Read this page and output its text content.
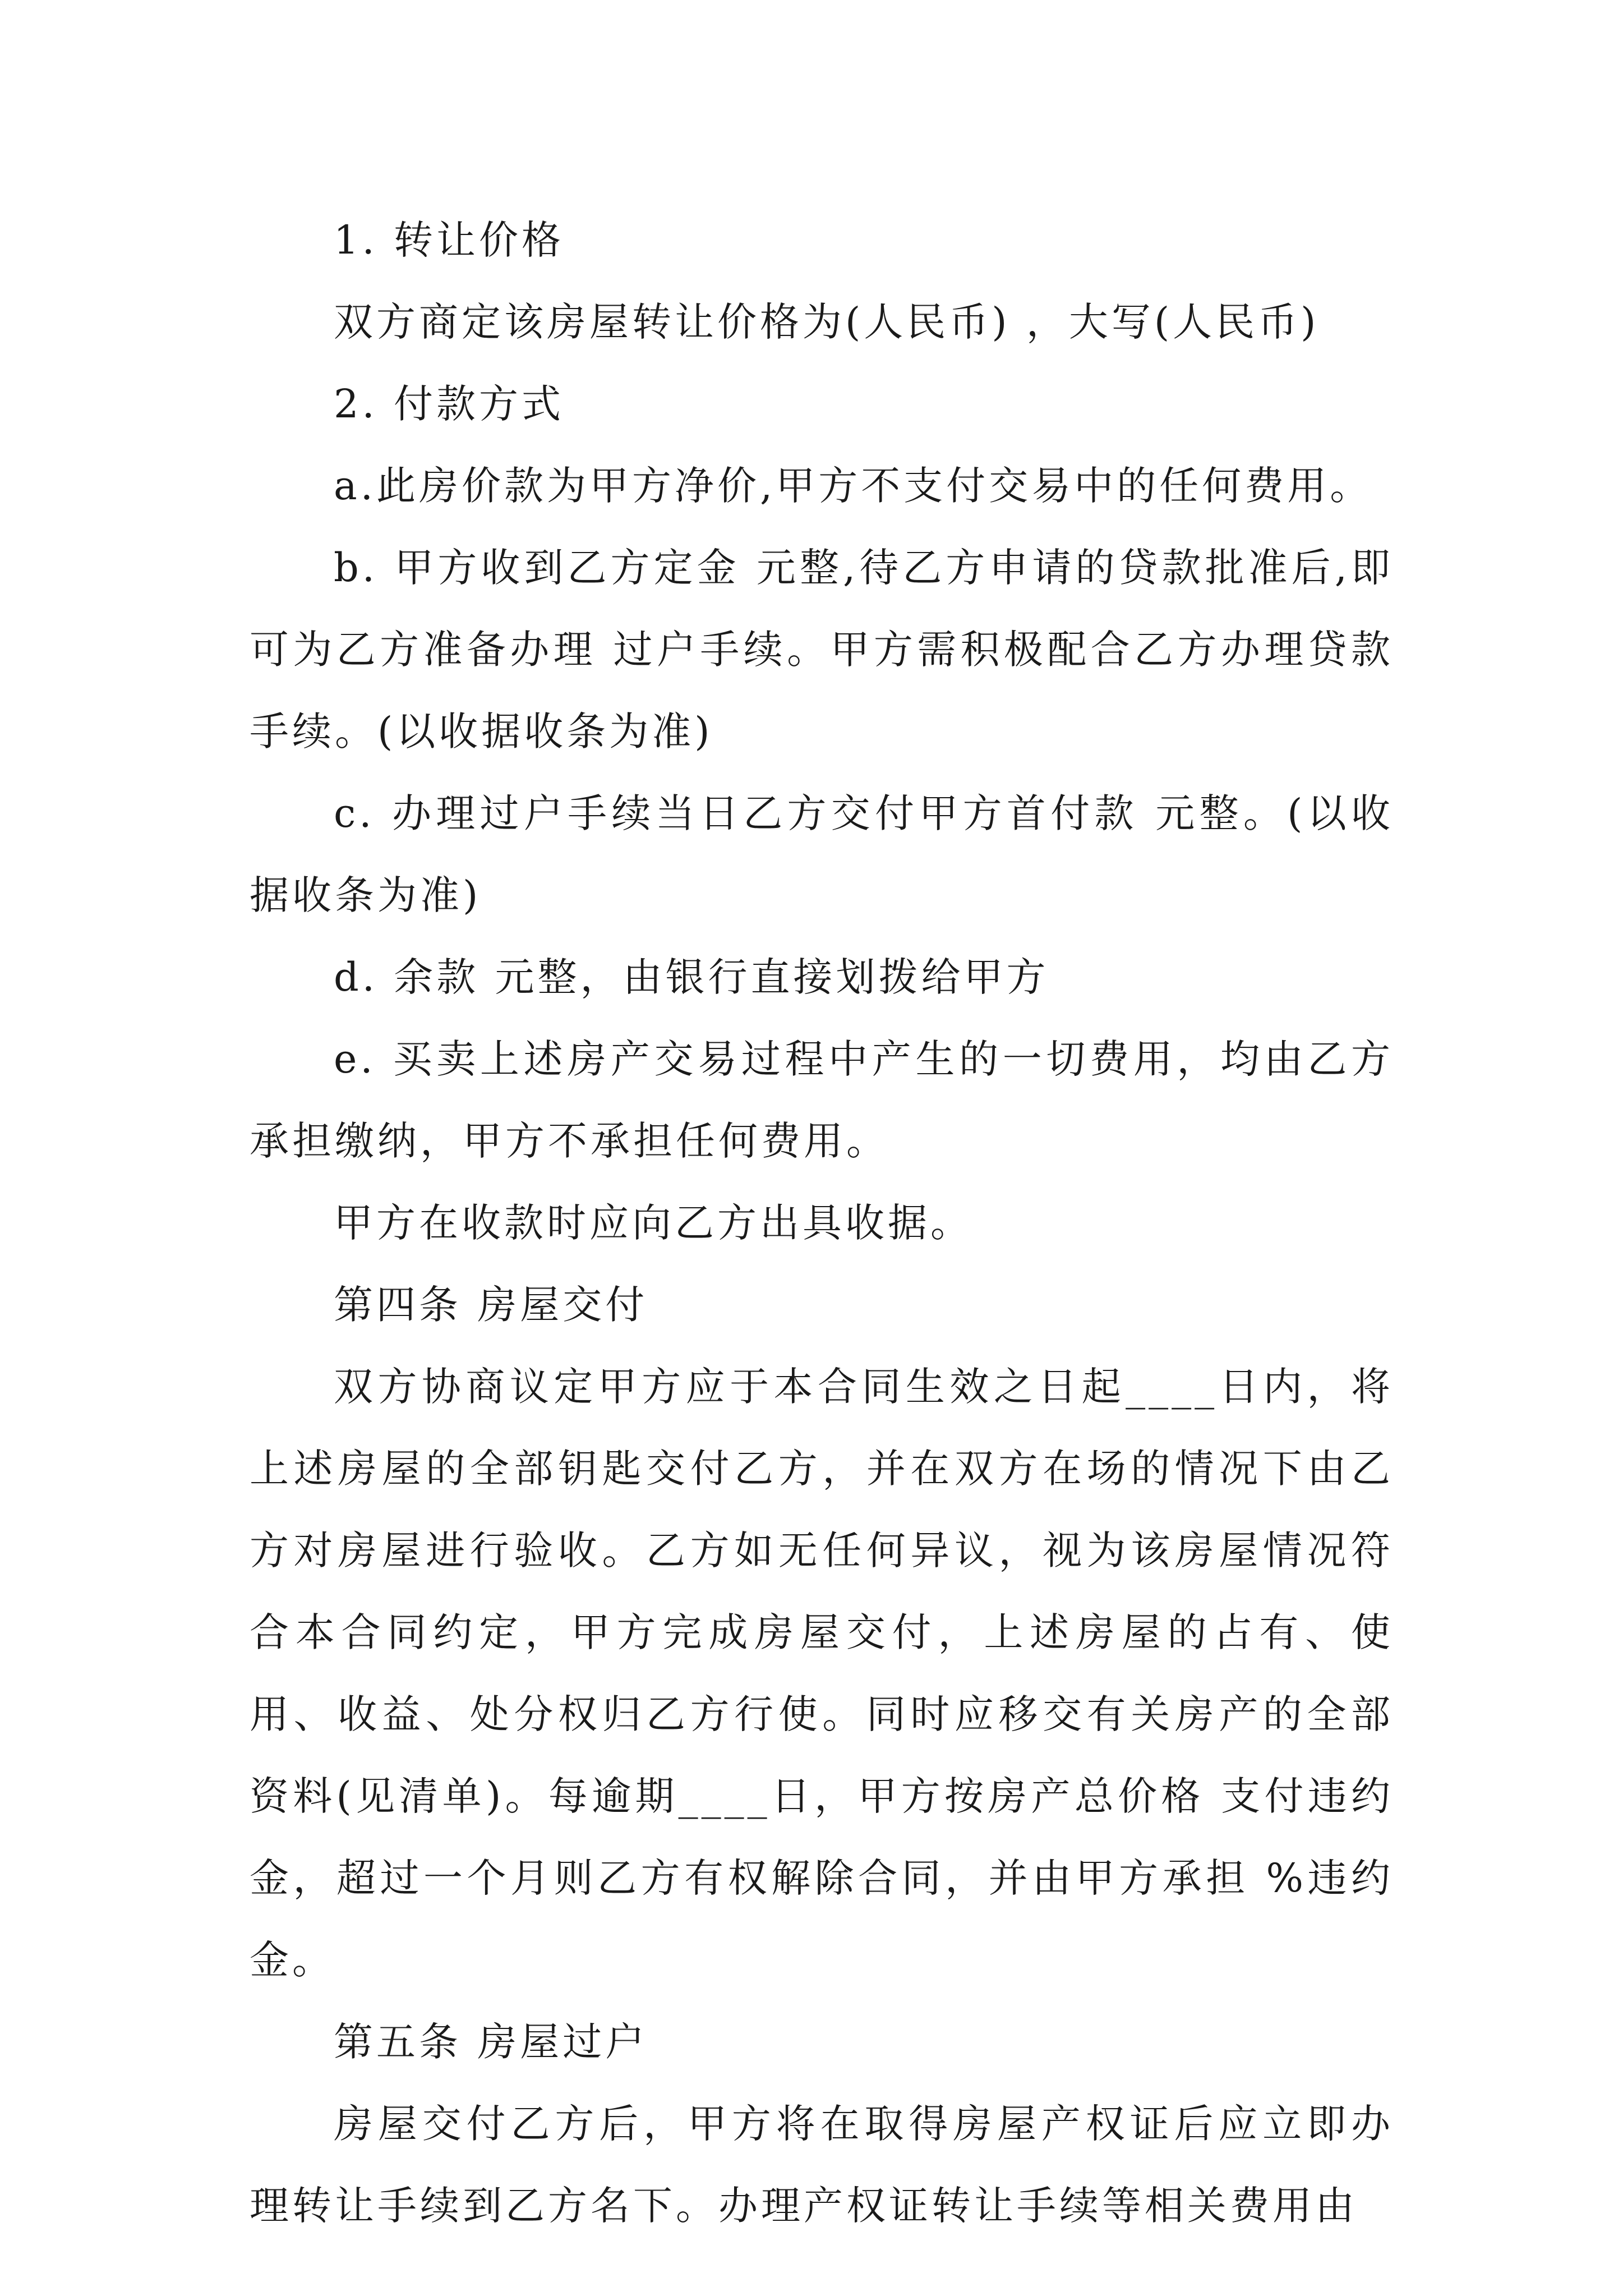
1. 转让价格

双方商定该房屋转让价格为(人民币) ，大写(人民币)

2. 付款方式

a.此房价款为甲方净价,甲方不支付交易中的任何费用。

b. 甲方收到乙方定金 元整,待乙方申请的贷款批准后,即可为乙方准备办理 过户手续。甲方需积极配合乙方办理贷款手续。(以收据收条为准)

c. 办理过户手续当日乙方交付甲方首付款 元整。(以收据收条为准)

d. 余款 元整，由银行直接划拨给甲方

e. 买卖上述房产交易过程中产生的一切费用，均由乙方承担缴纳，甲方不承担任何费用。

甲方在收款时应向乙方出具收据。

第四条 房屋交付

双方协商议定甲方应于本合同生效之日起____日内，将上述房屋的全部钥匙交付乙方，并在双方在场的情况下由乙方对房屋进行验收。乙方如无任何异议，视为该房屋情况符合本合同约定，甲方完成房屋交付，上述房屋的占有、使用、收益、处分权归乙方行使。同时应移交有关房产的全部资料(见清单)。每逾期____日，甲方按房产总价格 支付违约金，超过一个月则乙方有权解除合同，并由甲方承担 %违约金。

第五条 房屋过户

房屋交付乙方后，甲方将在取得房屋产权证后应立即办理转让手续到乙方名下。办理产权证转让手续等相关费用由
